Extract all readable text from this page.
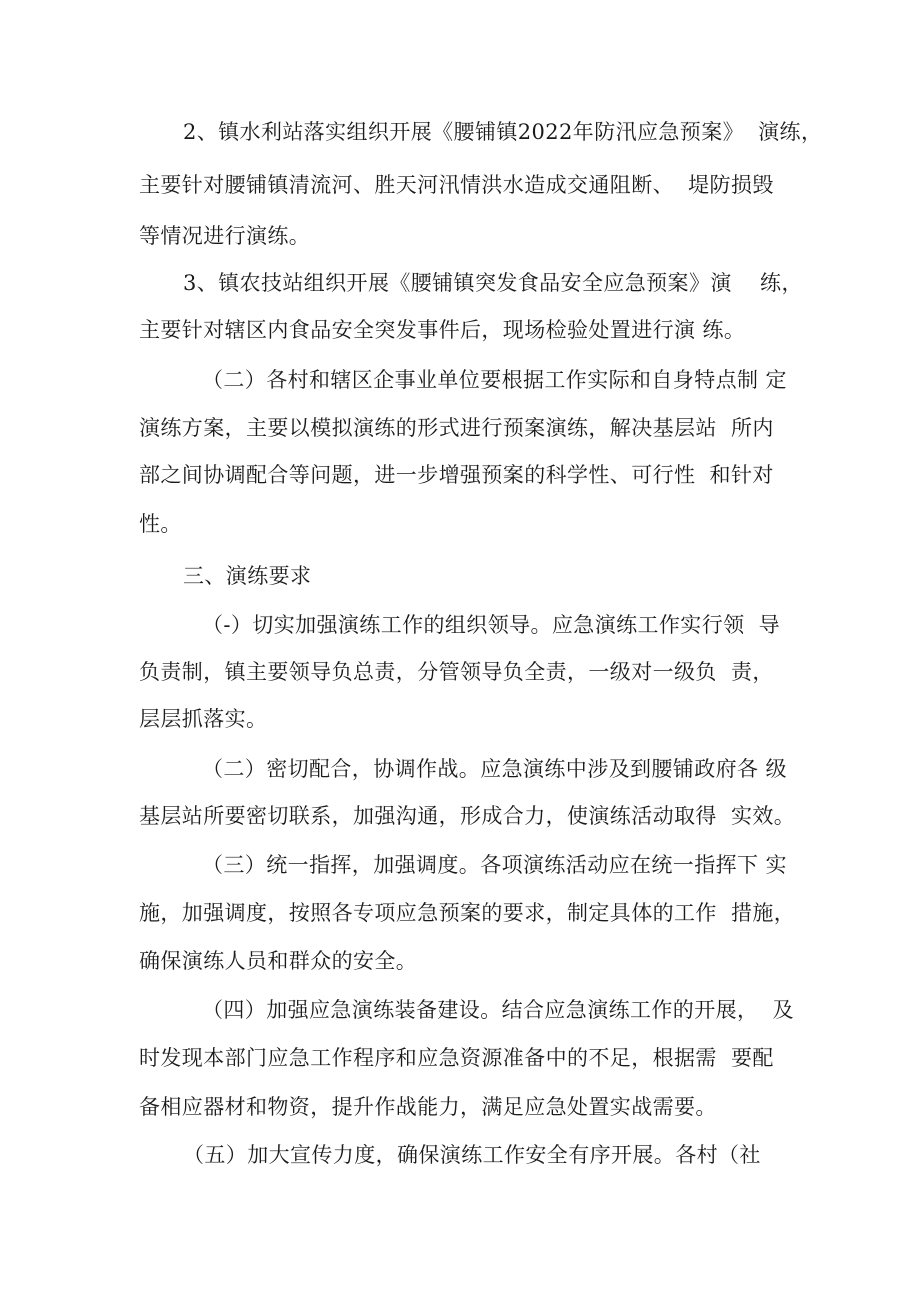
2、镇水利站落实组织开展《腰铺镇2022年防汛应急预案》  演练，
主要针对腰铺镇清流河、胜天河汛情洪水造成交通阻断、  堤防损毁
等情况进行演练。
3、镇农技站组织开展《腰铺镇突发食品安全应急预案》演    练，
主要针对辖区内食品安全突发事件后，现场检验处置进行演 练。
（二）各村和辖区企事业单位要根据工作实际和自身特点制 定
演练方案，主要以模拟演练的形式进行预案演练，解决基层站  所内
部之间协调配合等问题，进一步增强预案的科学性、可行性  和针对
性。
三、演练要求
（-）切实加强演练工作的组织领导。应急演练工作实行领  导
负责制，镇主要领导负总责，分管领导负全责，一级对一级负  责，
层层抓落实。
（二）密切配合，协调作战。应急演练中涉及到腰铺政府各 级
基层站所要密切联系，加强沟通，形成合力，使演练活动取得  实效。
（三）统一指挥，加强调度。各项演练活动应在统一指挥下 实
施，加强调度，按照各专项应急预案的要求，制定具体的工作  措施，
确保演练人员和群众的安全。
（四）加强应急演练装备建设。结合应急演练工作的开展，  及
时发现本部门应急工作程序和应急资源准备中的不足，根据需  要配
备相应器材和物资，提升作战能力，满足应急处置实战需要。
（五）加大宣传力度，确保演练工作安全有序开展。各村（社
